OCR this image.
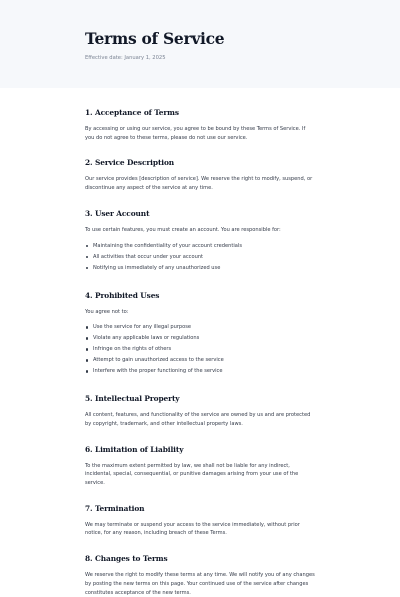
Terms of Service
Effective date: January 1, 2025
1. Acceptance of Terms

By accessing or using our service, you agree to be bound by these Terms of Service. If you do not agree to these terms, please do not use our service.

2. Service Description

Our service provides [description of service]. We reserve the right to modify, suspend, or discontinue any aspect of the service at any time.

3. User Account

To use certain features, you must create an account. You are responsible for:

Maintaining the confidentiality of your account credentials
All activities that occur under your account
Notifying us immediately of any unauthorized use
4. Prohibited Uses

You agree not to:

Use the service for any illegal purpose
Violate any applicable laws or regulations
Infringe on the rights of others
Attempt to gain unauthorized access to the service
Interfere with the proper functioning of the service
5. Intellectual Property

All content, features, and functionality of the service are owned by us and are protected by copyright, trademark, and other intellectual property laws.

6. Limitation of Liability

To the maximum extent permitted by law, we shall not be liable for any indirect, incidental, special, consequential, or punitive damages arising from your use of the service.

7. Termination

We may terminate or suspend your access to the service immediately, without prior notice, for any reason, including breach of these Terms.

8. Changes to Terms

We reserve the right to modify these terms at any time. We will notify you of any changes by posting the new terms on this page. Your continued use of the service after changes constitutes acceptance of the new terms.
